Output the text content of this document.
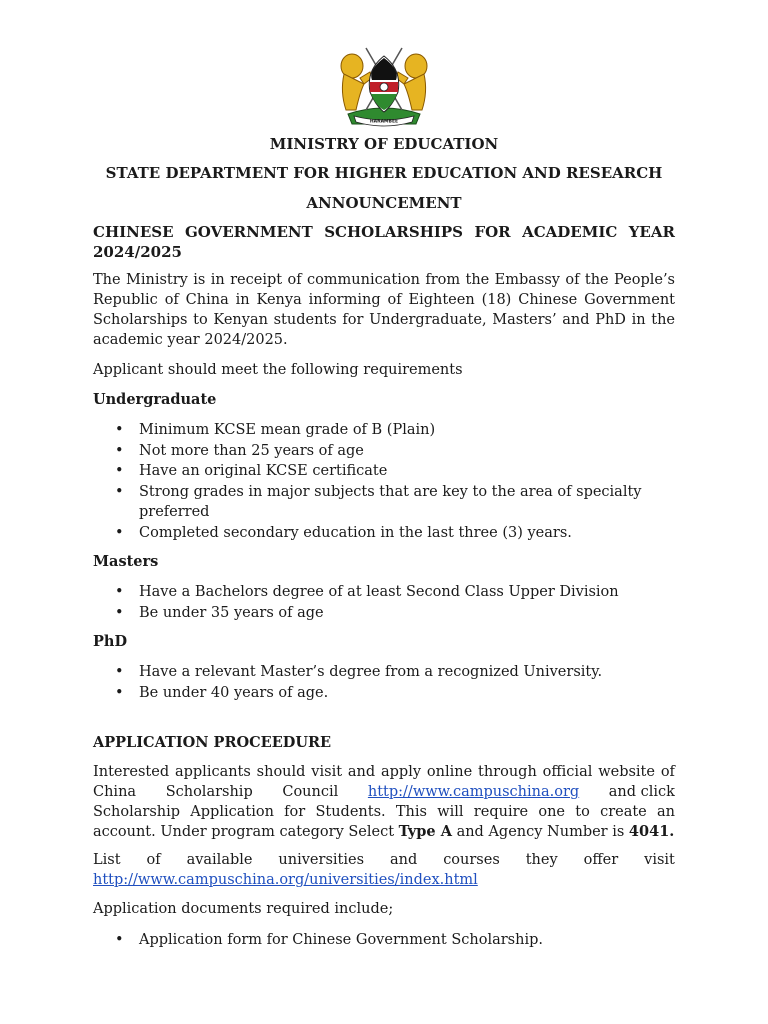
HARAMBEE

MINISTRY OF EDUCATION

STATE DEPARTMENT FOR HIGHER EDUCATION AND RESEARCH

ANNOUNCEMENT

CHINESE GOVERNMENT SCHOLARSHIPS FOR ACADEMIC YEAR
2024/2025

The Ministry is in receipt of communication from the Embassy of the People’s Republic of China in Kenya informing of Eighteen (18) Chinese Government Scholarships to Kenyan students for Undergraduate, Masters’ and PhD in the academic year 2024/2025.

Applicant should meet the following requirements

Undergraduate

• Minimum KCSE mean grade of B (Plain)
• Not more than 25 years of age
• Have an original KCSE certificate
• Strong grades in major subjects that are key to the area of specialty preferred
• Completed secondary education in the last three (3) years.

Masters

• Have a Bachelors degree of at least Second Class Upper Division
• Be under 35 years of age

PhD

• Have a relevant Master’s degree from a recognized University.
• Be under 40 years of age.

APPLICATION PROCEEDURE

Interested applicants should visit and apply online through official website of
China Scholarship Council http://www.campuschina.org and click
Scholarship Application for Students. This will require one to create an account. Under program category Select Type A and Agency Number is 4041.
List of available universities and courses they offer visit
http://www.campuschina.org/universities/index.html

Application documents required include;

• Application form for Chinese Government Scholarship.
